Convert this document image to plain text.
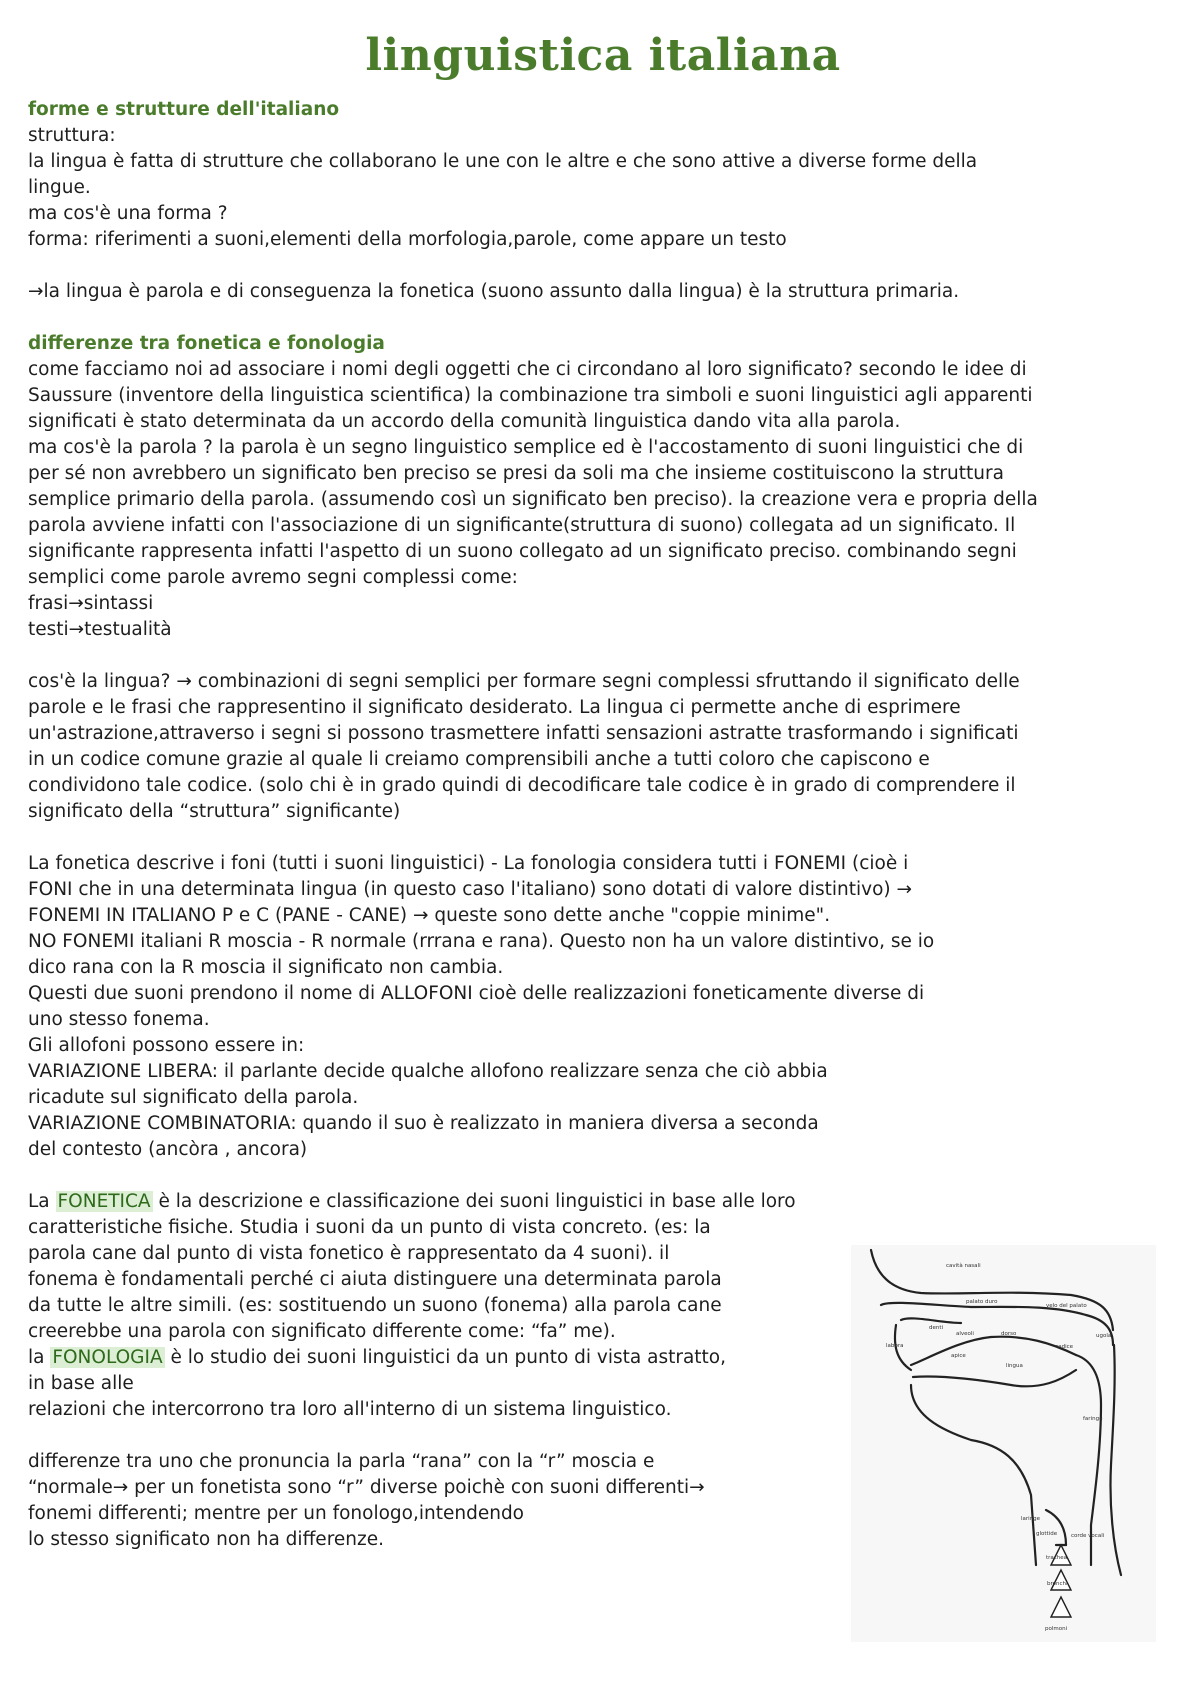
linguistica italiana
forme e strutture dell'italiano
struttura:
la lingua è fatta di strutture che collaborano le une con le altre e che sono attive a diverse forme della
lingue.
ma cos'è una forma ?
forma: riferimenti a suoni,elementi della morfologia,parole, come appare un testo
→la lingua è parola e di conseguenza la fonetica (suono assunto dalla lingua) è la struttura primaria.
differenze tra fonetica e fonologia
come facciamo noi ad associare i nomi degli oggetti che ci circondano al loro significato? secondo le idee di
Saussure (inventore della linguistica scientifica) la combinazione tra simboli e suoni linguistici agli apparenti
significati è stato determinata da un accordo della comunità linguistica dando vita alla parola.
ma cos'è la parola ? la parola è un segno linguistico semplice ed è l'accostamento di suoni linguistici che di
per sé non avrebbero un significato ben preciso se presi da soli ma che insieme costituiscono la struttura
semplice primario della parola. (assumendo così un significato ben preciso). la creazione vera e propria della
parola avviene infatti con l'associazione di un significante(struttura di suono) collegata ad un significato. Il
significante rappresenta infatti l'aspetto di un suono collegato ad un significato preciso. combinando segni
semplici come parole avremo segni complessi come:
frasi→sintassi
testi→testualità
cos'è la lingua? → combinazioni di segni semplici per formare segni complessi sfruttando il significato delle
parole e le frasi che rappresentino il significato desiderato. La lingua ci permette anche di esprimere
un'astrazione,attraverso i segni si possono trasmettere infatti sensazioni astratte trasformando i significati
in un codice comune grazie al quale li creiamo comprensibili anche a tutti coloro che capiscono e
condividono tale codice. (solo chi è in grado quindi di decodificare tale codice è in grado di comprendere il
significato della “struttura” significante)
La fonetica descrive i foni (tutti i suoni linguistici) - La fonologia considera tutti i FONEMI (cioè i
FONI che in una determinata lingua (in questo caso l'italiano) sono dotati di valore distintivo) →
FONEMI IN ITALIANO P e C (PANE - CANE) → queste sono dette anche "coppie minime".
NO FONEMI italiani R moscia - R normale (rrrana e rana). Questo non ha un valore distintivo, se io
dico rana con la R moscia il significato non cambia.
Questi due suoni prendono il nome di ALLOFONI cioè delle realizzazioni foneticamente diverse di
uno stesso fonema.
Gli allofoni possono essere in:
VARIAZIONE LIBERA: il parlante decide qualche allofono realizzare senza che ciò abbia
ricadute sul significato della parola.
VARIAZIONE COMBINATORIA: quando il suo è realizzato in maniera diversa a seconda
del contesto (ancòra , ancora)
La FONETICA è la descrizione e classificazione dei suoni linguistici in base alle loro
caratteristiche fisiche. Studia i suoni da un punto di vista concreto. (es: la
parola cane dal punto di vista fonetico è rappresentato da 4 suoni). il
fonema è fondamentali perché ci aiuta distinguere una determinata parola
da tutte le altre simili. (es: sostituendo un suono (fonema) alla parola cane
creerebbe una parola con significato differente come: “fa” me).
la FONOLOGIA è lo studio dei suoni linguistici da un punto di vista astratto,
in base alle
relazioni che intercorrono tra loro all'interno di un sistema linguistico.
differenze tra uno che pronuncia la parla “rana” con la “r” moscia e
“normale→ per un fonetista sono “r” diverse poichè con suoni differenti→
fonemi differenti; mentre per un fonologo,intendendo
lo stesso significato non ha differenze.
cavità nasali
palato duro
velo del palato
denti
alveoli	dorso
radice
labbra
apice
lingua
ugola
glottide	corde vocali
laringe
faringe
trachea
bronchi
polmoni
